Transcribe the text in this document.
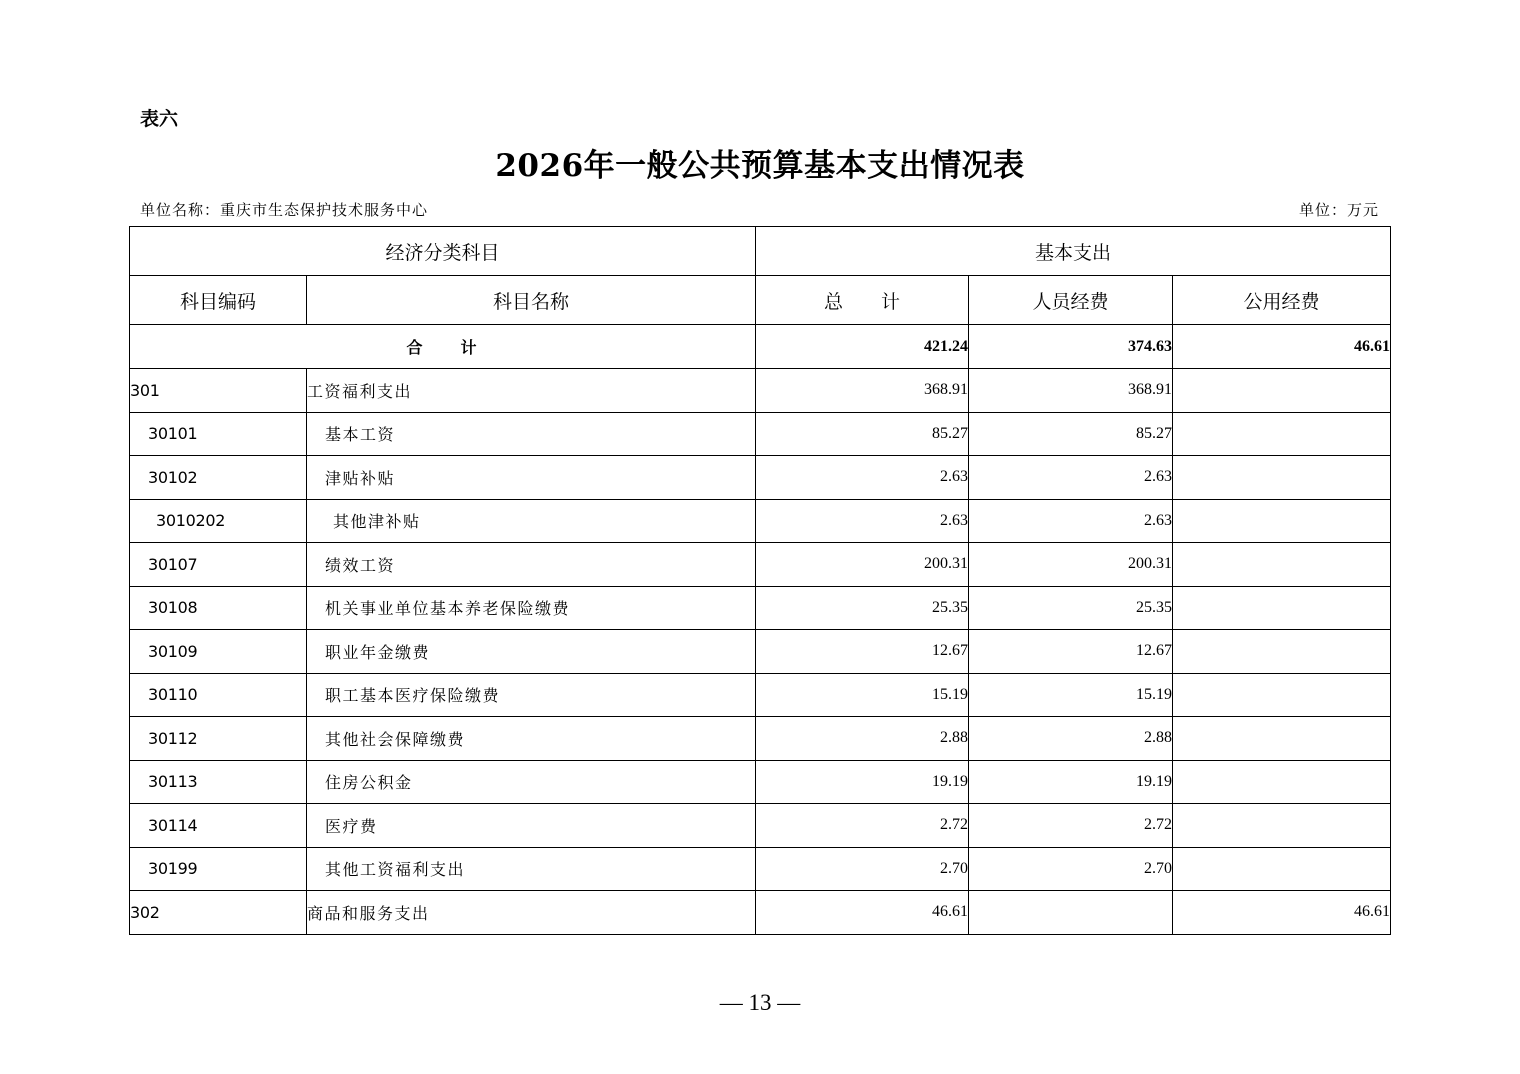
表六
2026年一般公共预算基本支出情况表
单位名称：重庆市生态保护技术服务中心	单位：万元
经济分类科目		基本支出		
科目编码	科目名称	总　　计	人员经费	公用经费
合　　计		421.24	374.63	46.61
301	工资福利支出	368.91	368.91	
30101	基本工资	85.27	85.27	
30102	津贴补贴	2.63	2.63	
3010202	其他津补贴	2.63	2.63	
30107	绩效工资	200.31	200.31	
30108	机关事业单位基本养老保险缴费	25.35	25.35	
30109	职业年金缴费	12.67	12.67	
30110	职工基本医疗保险缴费	15.19	15.19	
30112	其他社会保障缴费	2.88	2.88	
30113	住房公积金	19.19	19.19	
30114	医疗费	2.72	2.72	
30199	其他工资福利支出	2.70	2.70	
302	商品和服务支出	46.61		46.61
— 13 —
